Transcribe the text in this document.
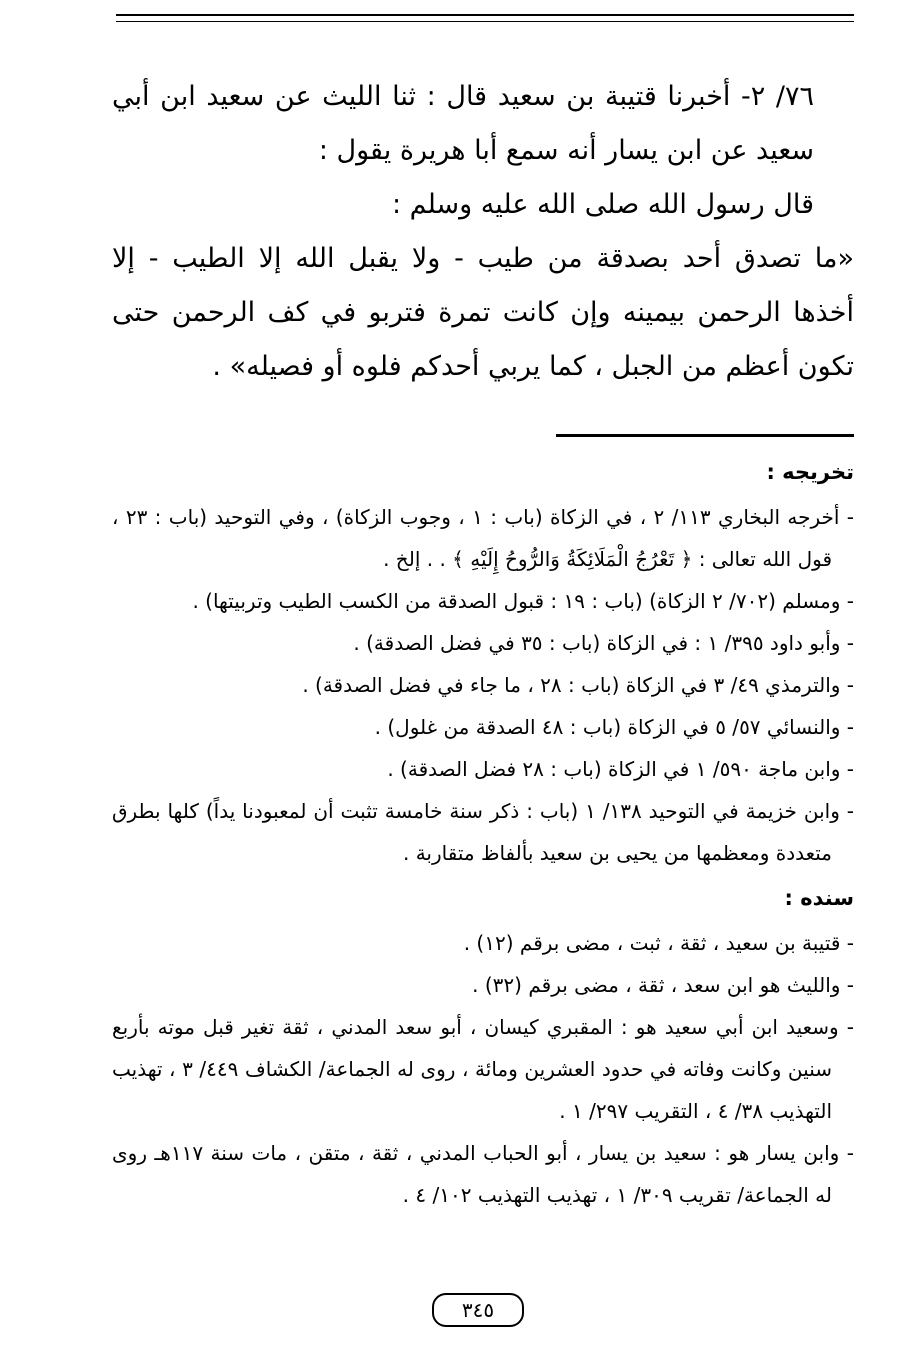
٧٦/ ٢- أخبرنا قتيبة بن سعيد قال : ثنا الليث عن سعيد ابن أبي سعيد عن ابن يسار أنه سمع أبا هريرة يقول :

قال رسول الله صلى الله عليه وسلم :

«ما تصدق أحد بصدقة من طيب - ولا يقبل الله إلا الطيب - إلا أخذها الرحمن بيمينه وإن كانت تمرة فتربو في كف الرحمن حتى تكون أعظم من الجبل ، كما يربي أحدكم فلوه أو فصيله» .

تخريجه :

- أخرجه البخاري ١١٣/ ٢ ، في الزكاة (باب : ١ ، وجوب الزكاة) ، وفي التوحيد (باب : ٢٣ ، قول الله تعالى : ﴿ تَعْرُجُ الْمَلَائِكَةُ وَالرُّوحُ إِلَيْهِ ﴾ . . إلخ .

- ومسلم (٧٠٢/ ٢ الزكاة) (باب : ١٩ : قبول الصدقة من الكسب الطيب وتربيتها) .

- وأبو داود ٣٩٥/ ١ : في الزكاة (باب : ٣٥ في فضل الصدقة) .

- والترمذي ٤٩/ ٣ في الزكاة (باب : ٢٨ ، ما جاء في فضل الصدقة) .

- والنسائي ٥٧/ ٥ في الزكاة (باب : ٤٨ الصدقة من غلول) .

- وابن ماجة ٥٩٠/ ١ في الزكاة (باب : ٢٨ فضل الصدقة) .

- وابن خزيمة في التوحيد ١٣٨/ ١ (باب : ذكر سنة خامسة تثبت أن لمعبودنا يداً) كلها بطرق متعددة ومعظمها من يحيى بن سعيد بألفاظ متقاربة .

سنده :

- قتيبة بن سعيد ، ثقة ، ثبت ، مضى برقم (١٢) .

- والليث هو ابن سعد ، ثقة ، مضى برقم (٣٢) .

- وسعيد ابن أبي سعيد هو : المقبري كيسان ، أبو سعد المدني ، ثقة تغير قبل موته بأربع سنين وكانت وفاته في حدود العشرين ومائة ، روى له الجماعة/ الكشاف ٤٤٩/ ٣ ، تهذيب التهذيب ٣٨/ ٤ ، التقريب ٢٩٧/ ١ .

- وابن يسار هو : سعيد بن يسار ، أبو الحباب المدني ، ثقة ، متقن ، مات سنة ١١٧هـ روى له الجماعة/ تقريب ٣٠٩/ ١ ، تهذيب التهذيب ١٠٢/ ٤ .

٣٤٥
